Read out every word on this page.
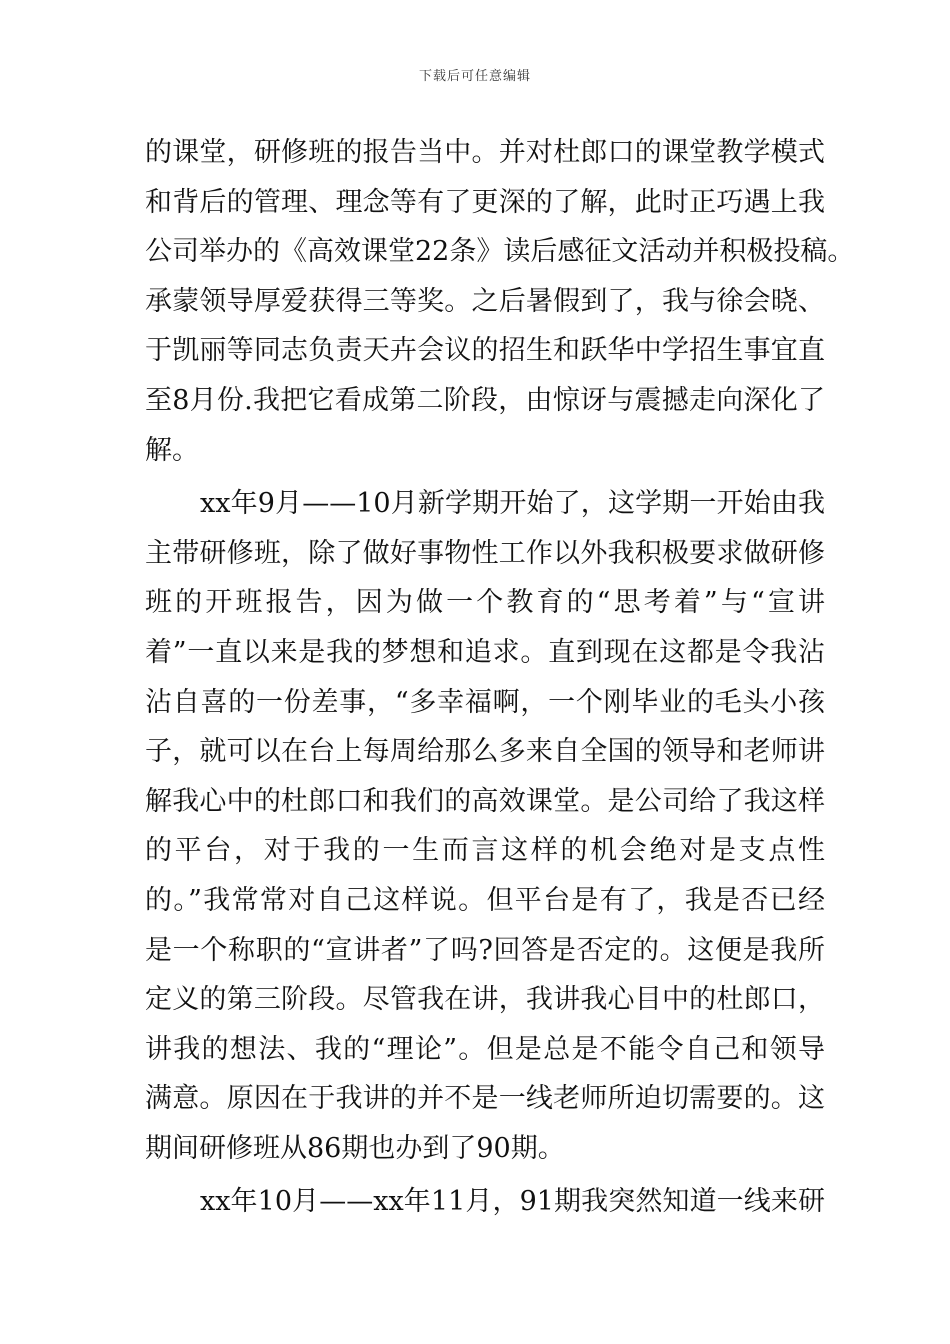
下载后可任意编辑
的课堂，研修班的报告当中。并对杜郎口的课堂教学模式
和背后的管理、理念等有了更深的了解，此时正巧遇上我
公司举办的《高效课堂22条》读后感征文活动并积极投稿。
承蒙领导厚爱获得三等奖。之后暑假到了，我与徐会晓、
于凯丽等同志负责天卉会议的招生和跃华中学招生事宜直
至8月份.我把它看成第二阶段，由惊讶与震撼走向深化了
解。
xx年9月——10月新学期开始了，这学期一开始由我
主带研修班，除了做好事物性工作以外我积极要求做研修
班的开班报告，因为做一个教育的“思考着”与“宣讲
着”一直以来是我的梦想和追求。直到现在这都是令我沾
沾自喜的一份差事，“多幸福啊，一个刚毕业的毛头小孩
子，就可以在台上每周给那么多来自全国的领导和老师讲
解我心中的杜郎口和我们的高效课堂。是公司给了我这样
的平台，对于我的一生而言这样的机会绝对是支点性
的。”我常常对自己这样说。但平台是有了，我是否已经
是一个称职的“宣讲者”了吗?回答是否定的。这便是我所
定义的第三阶段。尽管我在讲，我讲我心目中的杜郎口，
讲我的想法、我的“理论”。但是总是不能令自己和领导
满意。原因在于我讲的并不是一线老师所迫切需要的。这
期间研修班从86期也办到了90期。
xx年10月——xx年11月，91期我突然知道一线来研
